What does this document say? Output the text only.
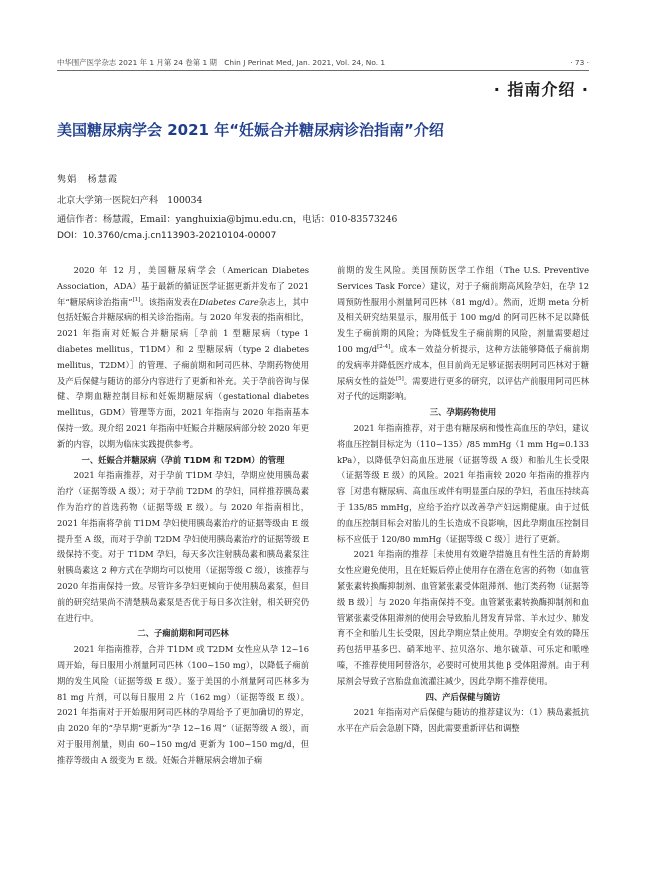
中华围产医学杂志 2021 年 1 月第 24 卷第 1 期　Chin J Perinat Med, Jan. 2021, Vol. 24, No. 1	· 73 ·
· 指南介绍 ·
美国糖尿病学会 2021 年“妊娠合并糖尿病诊治指南”介绍
隽娟　杨慧霞
北京大学第一医院妇产科　100034
通信作者：杨慧霞，Email：yanghuixia@bjmu.edu.cn，电话：010-83573246
DOI：10.3760/cma.j.cn113903-20210104-00007

2020 年 12 月，美国糖尿病学会（American Diabetes Association，ADA）基于最新的循证医学证据更新并发布了 2021 年“糖尿病诊治指南”[1]。该指南发表在Diabetes Care杂志上，其中包括妊娠合并糖尿病的相关诊治指南。与 2020 年发表的指南相比，2021 年指南对妊娠合并糖尿病［孕前 1 型糖尿病（type 1 diabetes mellitus，T1DM）和 2 型糖尿病（type 2 diabetes mellitus，T2DM）］的管理、子痫前期和阿司匹林、孕期药物使用及产后保健与随访的部分内容进行了更新和补充。关于孕前咨询与保健、孕期血糖控制目标和妊娠期糖尿病（gestational diabetes mellitus，GDM）管理等方面，2021 年指南与 2020 年指南基本保持一致。现介绍 2021 年指南中妊娠合并糖尿病部分较 2020 年更新的内容，以期为临床实践提供参考。

一、妊娠合并糖尿病（孕前 T1DM 和 T2DM）的管理

2021 年指南推荐，对于孕前 T1DM 孕妇，孕期应使用胰岛素治疗（证据等级 A 级）；对于孕前 T2DM 的孕妇，同样推荐胰岛素作为治疗的首选药物（证据等级 E 级）。与 2020 年指南相比，2021 年指南将孕前 T1DM 孕妇使用胰岛素治疗的证据等级由 E 级提升至 A 级，而对于孕前 T2DM 孕妇使用胰岛素治疗的证据等级 E 级保持不变。对于 T1DM 孕妇，每天多次注射胰岛素和胰岛素泵注射胰岛素这 2 种方式在孕期均可以使用（证据等级 C 级），该推荐与 2020 年指南保持一致。尽管许多孕妇更倾向于使用胰岛素泵，但目前的研究结果尚不清楚胰岛素泵是否优于每日多次注射，相关研究仍在进行中。

二、子痫前期和阿司匹林

2021 年指南推荐，合并 T1DM 或 T2DM 女性应从孕 12~16 周开始，每日服用小剂量阿司匹林（100~150 mg），以降低子痫前期的发生风险（证据等级 E 级）。鉴于美国的小剂量阿司匹林多为 81 mg 片剂，可以每日服用 2 片（162 mg）（证据等级 E 级）。2021 年指南对于开始服用阿司匹林的孕周给予了更加确切的界定，由 2020 年的“孕早期”更新为“孕 12~16 周”（证据等级 A 级），而对于服用剂量，则由 60~150 mg/d 更新为 100~150 mg/d，但推荐等级由 A 级变为 E 级。妊娠合并糖尿病会增加子痫

前期的发生风险。美国预防医学工作组（The U.S. Preventive Services Task Force）建议，对于子痫前期高风险孕妇，在孕 12 周预防性服用小剂量阿司匹林（81 mg/d）。然而，近期 meta 分析及相关研究结果显示，服用低于 100 mg/d 的阿司匹林不足以降低发生子痫前期的风险；为降低发生子痫前期的风险，剂量需要超过 100 mg/d[2-4]。成本－效益分析提示，这种方法能够降低子痫前期的发病率并降低医疗成本，但目前尚无足够证据表明阿司匹林对于糖尿病女性的益处[5]。需要进行更多的研究，以评估产前服用阿司匹林对子代的远期影响。

三、孕期药物使用

2021 年指南推荐，对于患有糖尿病和慢性高血压的孕妇，建议将血压控制目标定为（110~135）/85 mmHg（1 mm Hg=0.133 kPa），以降低孕妇高血压进展（证据等级 A 级）和胎儿生长受限（证据等级 E 级）的风险。2021 年指南较 2020 年指南的推荐内容［对患有糖尿病、高血压或伴有明显蛋白尿的孕妇，若血压持续高于 135/85 mmHg，应给予治疗以改善孕产妇远期健康。由于过低的血压控制目标会对胎儿的生长造成不良影响，因此孕期血压控制目标不应低于 120/80 mmHg（证据等级 C 级）］进行了更新。

2021 年指南的推荐［未使用有效避孕措施且有性生活的育龄期女性应避免使用，且在妊娠后停止使用存在潜在危害的药物（如血管紧张素转换酶抑制剂、血管紧张素受体阻滞剂、他汀类药物（证据等级 B 级）］与 2020 年指南保持不变。血管紧张素转换酶抑制剂和血管紧张素受体阻滞剂的使用会导致胎儿肾发育异常、羊水过少、肺发育不全和胎儿生长受限，因此孕期应禁止使用。孕期安全有效的降压药包括甲基多巴、硝苯地平、拉贝洛尔、地尔硫䓬、可乐定和哌唑嗪，不推荐使用阿替洛尔，必要时可使用其他 β 受体阻滞剂。由于利尿剂会导致子宫胎盘血流灌注减少，因此孕期不推荐使用。

四、产后保健与随访

2021 年指南对产后保健与随访的推荐建议为：（1）胰岛素抵抗水平在产后会急剧下降，因此需要重新评估和调整
